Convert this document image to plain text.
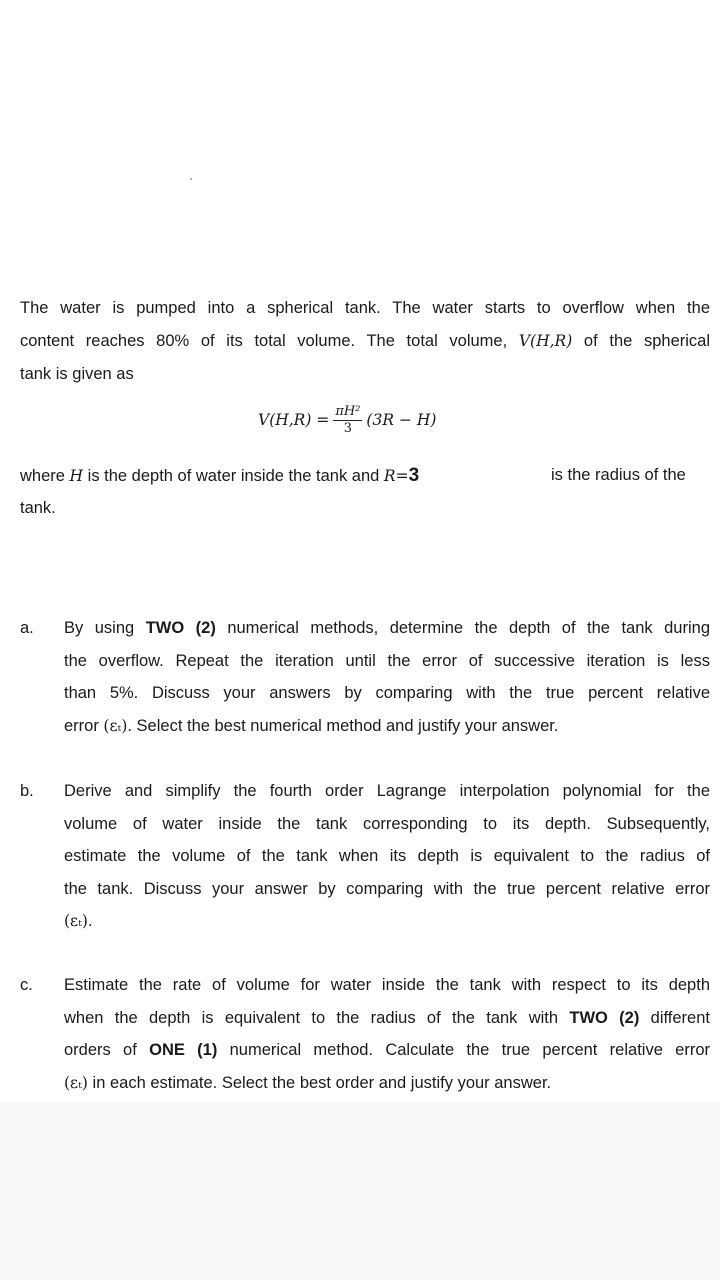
The water is pumped into a spherical tank. The water starts to overflow when the
content reaches 80% of its total volume. The total volume, V(H,R) of the spherical
tank is given as
$V(H,R) = \frac{\text{πH²}}{3} (3R - H)$
where H is the depth of water inside the tank and R=3	is the radius of the
tank.
a. By using TWO (2) numerical methods, determine the depth of the tank during
the overflow. Repeat the iteration until the error of successive iteration is less
than 5%. Discuss your answers by comparing with the true percent relative
error (εₜ). Select the best numerical method and justify your answer.
b. Derive and simplify the fourth order Lagrange interpolation polynomial for the
volume of water inside the tank corresponding to its depth. Subsequently,
estimate the volume of the tank when its depth is equivalent to the radius of
the tank. Discuss your answer by comparing with the true percent relative error
(εₜ).
c. Estimate the rate of volume for water inside the tank with respect to its depth
when the depth is equivalent to the radius of the tank with TWO (2) different
orders of ONE (1) numerical method. Calculate the true percent relative error
(εₜ) in each estimate. Select the best order and justify your answer.
